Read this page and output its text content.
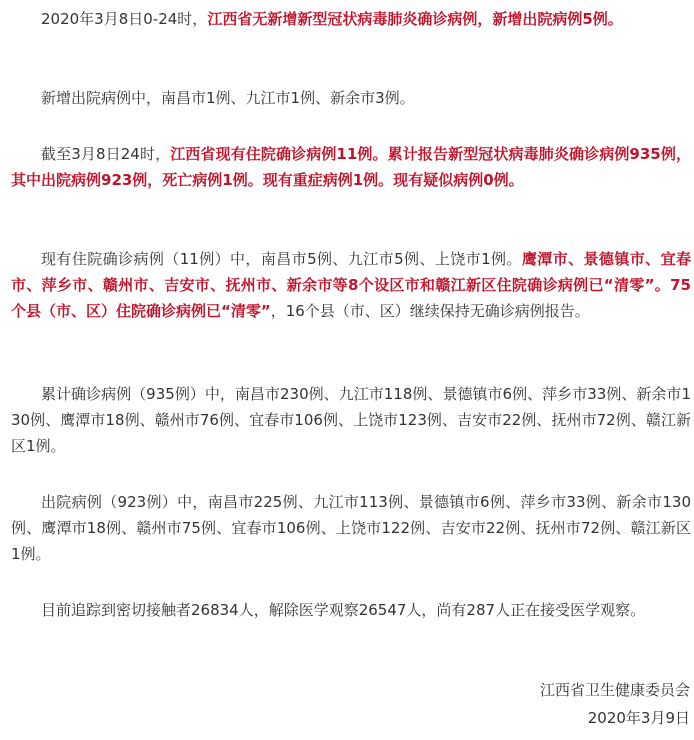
2020年3月8日0-24时，江西省无新增新型冠状病毒肺炎确诊病例，新增出院病例5例。

新增出院病例中，南昌市1例、九江市1例、新余市3例。

截至3月8日24时，江西省现有住院确诊病例11例。累计报告新型冠状病毒肺炎确诊病例935例，其中出院病例923例，死亡病例1例。现有重症病例1例。现有疑似病例0例。

现有住院确诊病例（11例）中，南昌市5例、九江市5例、上饶市1例。鹰潭市、景德镇市、宜春市、萍乡市、赣州市、吉安市、抚州市、新余市等8个设区市和赣江新区住院确诊病例已“清零”。75个县（市、区）住院确诊病例已“清零”，16个县（市、区）继续保持无确诊病例报告。

累计确诊病例（935例）中，南昌市230例、九江市118例、景德镇市6例、萍乡市33例、新余市130例、鹰潭市18例、赣州市76例、宜春市106例、上饶市123例、吉安市22例、抚州市72例、赣江新区1例。

出院病例（923例）中，南昌市225例、九江市113例、景德镇市6例、萍乡市33例、新余市130例、鹰潭市18例、赣州市75例、宜春市106例、上饶市122例、吉安市22例、抚州市72例、赣江新区1例。

目前追踪到密切接触者26834人，解除医学观察26547人，尚有287人正在接受医学观察。

江西省卫生健康委员会

2020年3月9日
